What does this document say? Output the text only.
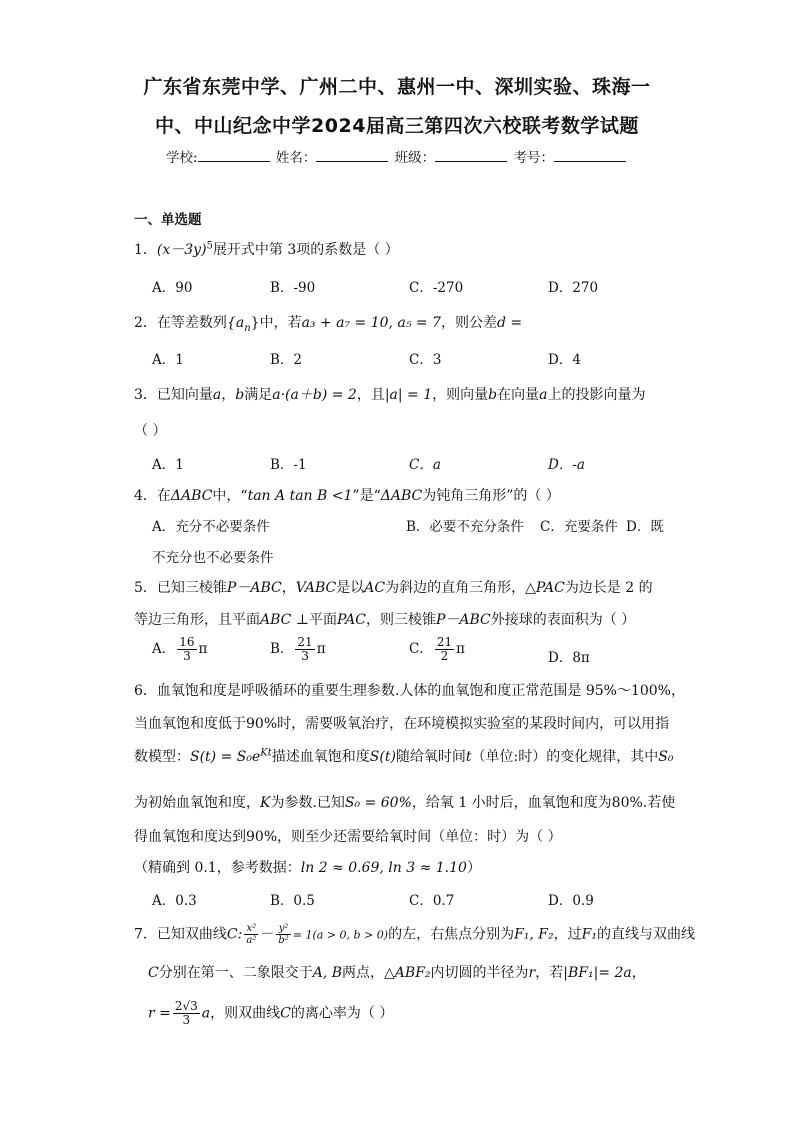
广东省东莞中学、广州二中、惠州一中、深圳实验、珠海一
中、中山纪念中学2024届高三第四次六校联考数学试题
学校:	姓名：	班级：	考号：
一、单选题
1．$(x-3y)^5$展开式中第 3项的系数是（ ）
A．90	B．-90	C．-270	D．270
2．在等差数列$\{a_n\}$中，若a₃ + a₇ = 10, a₅ = 7，则公差d =
A．1	B．2	C．3	D．4
3．已知向量a，b满足a·(a＋b) = 2，且|a| = 1，则向量b在向量a上的投影向量为
（ ）
A．1	B．-1	C．a	D．-a
4．在ΔABC中，“tan A tan B <1”是“ΔABC为钝角三角形”的（ ）
A．充分不必要条件	B．必要不充分条件 C．充要条件 D．既
不充分也不必要条件
5．已知三棱锥P－ABC，VABC是以AC为斜边的直角三角形，△PAC为边长是 2 的
等边三角形，且平面ABC ⊥平面PAC，则三棱锥P－ABC外接球的表面积为（ ）
A． $\frac{16}{3}$ π	B． $\frac{21}{3}$ π	C． $\frac{21}{2}$ π
D．8π
6．血氧饱和度是呼吸循环的重要生理参数.人体的血氧饱和度正常范围是 95%～100%，
当血氧饱和度低于90%时，需要吸氧治疗，在环境模拟实验室的某段时间内，可以用指
数模型：$S(t) = S_0e^{Kt}$描述血氧饱和度S(t)随给氧时间t（单位:时）的变化规律，其中S₀
为初始血氧饱和度，K为参数.已知S₀ = 60%，给氧 1 小时后，血氧饱和度为80%.若使
得血氧饱和度达到90%，则至少还需要给氧时间（单位：时）为（ ）
（精确到 0.1，参考数据：ln 2 ≈ 0.69, ln 3 ≈ 1.10）
A．0.3	B．0.5	C．0.7	D．0.9
7．已知双曲线C: $\frac{\text{x²}}{\text{a²}} - \frac{\text{y²}}{\text{b²}} = 1(a > 0$, b > 0)的左，右焦点分别为F₁, F₂，过F₁的直线与双曲线
C分别在第一、二象限交于A, B两点，△ABF₂内切圆的半径为r，若|BF₁|= 2a，
$r = \frac{2√3}{3}$ a，则双曲线C的离心率为（ ）
